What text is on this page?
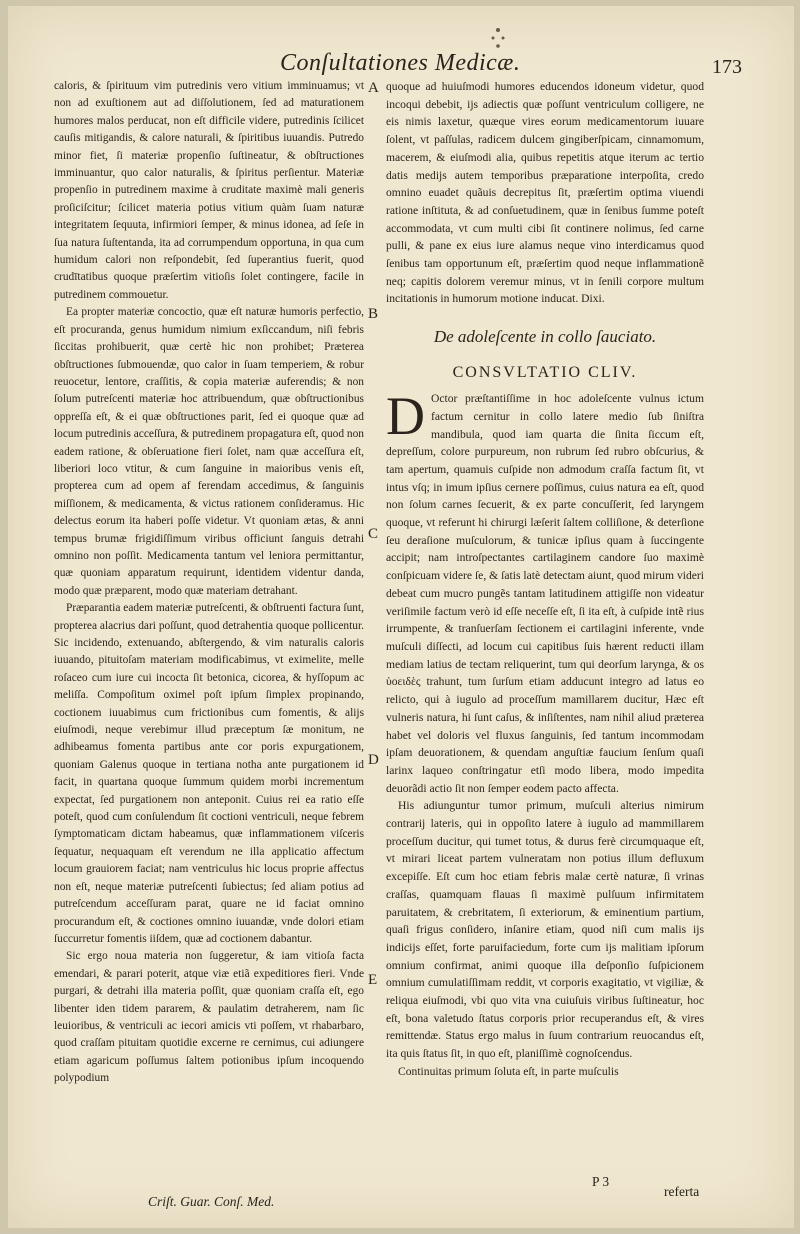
Conſultationes Medicæ.	173

caloris, & ſpirituum vim putredinis vero vitium imminuamus; vt non ad exuſtionem aut ad diſſolutionem, ſed ad maturationem humores malos perducat, non eſt difficile videre, putredinis ſcilicet cauſis mitigandis, & calore naturali, & ſpiritibus iuuandis. Putredo minor fiet, ſi materiæ propenſio ſuſtineatur, & obſtructiones imminuantur, quo calor naturalis, & ſpiritus perſientur. Materiæ propenſio in putredinem maxime à cruditate maximè mali generis proſiciſcitur; ſcilicet materia potius vitium quàm ſuam naturæ integritatem ſequuta, infirmiori ſemper, & minus idonea, ad ſeſe in ſua natura ſuſtentanda, ita ad corrumpendum opportuna, in qua cum humidum calori non reſpondebit, ſed ſuperantius fuerit, quod crudītatibus quoque præſertim vitioſis ſolet contingere, facile in putredinem commouetur.

Ea propter materiæ concoctio, quæ eſt naturæ humoris perfectio, eſt procuranda, genus humidum nimium exſiccandum, niſi febris ſiccitas prohibuerit, quæ certè hic non prohibet; Præterea obſtructiones ſubmouendæ, quo calor in ſuam temperiem, & robur reuocetur, lentore, craſſitis, & copia materiæ auferendis; & non ſolum putreſcenti materiæ hoc attribuendum, quæ obſtructionibus oppreſſa eſt, & ei quæ obſtructiones parit, ſed ei quoque quæ ad locum putredinis acceſſura, & putredinem propagatura eſt, quod non eadem ratione, & obſeruatione fieri ſolet, nam quæ acceſſura eſt, liberiori loco vtitur, & cum ſanguine in maioribus venis eſt, propterea cum ad opem af ferendam accedimus, & ſanguinis miſſionem, & medicamenta, & victus rationem conſideramus. Hic delectus eorum ita haberi poſſe videtur. Vt quoniam ætas, & anni tempus brumæ frigidiſſimum viribus officiunt ſanguis detrahi omnino non poſſit. Medicamenta tantum vel leniora permittantur, quæ quoniam apparatum requirunt, identidem videntur danda, modo quæ præparent, modo quæ materiam detrahant.

Præparantia eadem materiæ putreſcenti, & obſtruenti factura ſunt, propterea alacrius dari poſſunt, quod detrahentia quoque pollicentur. Sic incidendo, extenuando, abſtergendo, & vim naturalis caloris iuuando, pituitoſam materiam modificabimus, vt eximelite, melle roſaceo cum iure cui incocta ſit betonica, cicorea, & hyſſopum ac meliſſa. Compoſitum oximel poſt ipſum ſimplex propinando, coctionem iuuabimus cum frictionibus cum fomentis, & alijs eiuſmodi, neque verebimur illud præceptum ſæ monitum, ne adhibeamus fomenta partibus ante cor poris expurgationem, quoniam Galenus quoque in tertiana notha ante purgationem id facit, in quartana quoque ſummum quidem morbi incrementum expectat, ſed purgationem non anteponit. Cuius rei ea ratio eſſe poteſt, quod cum conſulendum ſit coctioni ventriculi, neque febrem ſymptomaticam dictam habeamus, quæ inflammationem viſceris ſequatur, nequaquam eſt verendum ne illa applicatio affectum locum grauiorem faciat; nam ventriculus hic locus proprie affectus non eſt, neque materiæ putreſcenti ſubiectus; ſed aliam potius ad putreſcendum acceſſuram parat, quare ne id faciat omnino procurandum eſt, & coctiones omnino iuuandæ, vnde dolori etiam ſuccurretur fomentis iiſdem, quæ ad coctionem dabantur.

Sic ergo noua materia non ſuggeretur, & iam vitioſa facta emendari, & parari poterit, atque viæ etiã expeditiores fieri. Vnde purgari, & detrahi illa materia poſſit, quæ quoniam craſſa eſt, ego libenter iden tidem pararem, & paulatim detraherem, nam ſic leuioribus, & ventriculi ac iecori amicis vti poſſem, vt rhabarbaro, quod craſſam pituitam quotidie excerne re cernimus, cui adiungere etiam agaricum poſſumus ſaltem potionibus ipſum incoquendo polypodium

A
B
C
D
E

quoque ad huiuſmodi humores educendos idoneum videtur, quod incoqui debebit, ijs adiectis quæ poſſunt ventriculum colligere, ne eis nimis laxetur, quæque vires eorum medicamentorum iuuare ſolent, vt paſſulas, radicem dulcem gingiberſpicam, cinnamomum, macerem, & eiuſmodi alia, quibus repetitis atque iterum ac tertio datis medijs autem temporibus præparatione interpoſita, credo omnino euadet quãuis decrepitus ſit, præſertim optima viuendi ratione inſtituta, & ad conſuetudinem, quæ in ſenibus ſumme poteſt accommodata, vt cum multi cibi ſit continere nolimus, ſed carne pulli, & pane ex eius iure alamus neque vino interdicamus quod ſenibus tam opportunum eſt, præſertim quod neque inflammationẽ neq; capitis dolorem veremur minus, vt in ſenili corpore multum incitationis in humorum motione inducat. Dixi.

De adoleſcente in collo ſauciato.
CONSVLTATIO CLIV.

D Octor præſtantiſſime in hoc adoleſcente vulnus ictum factum cernitur in collo latere medio ſub ſiniſtra mandibula, quod iam quarta die ſinita ſiccum eſt, depreſſum, colore purpureum, non rubrum ſed rubro obſcurius, & tam apertum, quamuis cuſpide non admodum craſſa factum ſit, vt intus vſq; in imum ipſius cernere poſſimus, cuius natura ea eſt, quod non ſolum carnes ſecuerit, & ex parte concuſſerit, ſed laryngem quoque, vt referunt hi chirurgi læſerit ſaltem colliſione, & deterſione ſeu deraſione muſculorum, & tunicæ ipſius quam à ſuccingente accipit; nam introſpectantes cartilaginem candore ſuo maximè conſpicuam videre ſe, & ſatis latè detectam aiunt, quod mirum videri debeat cum mucro pungẽs tantam latitudinem attigiſſe non videatur veriſimile factum verò id eſſe neceſſe eſt, ſi ita eſt, à cuſpide intẽ rius irrumpente, & tranſuerſam ſectionem ei cartilagini inferente, vnde muſculi diſſecti, ad locum cui capitibus ſuis hærent reducti illam mediam latius de tectam reliquerint, tum qui deorſum larynga, & os ὑοειδὲς trahunt, tum ſurſum etiam adducunt integro ad latus eo relicto, qui à iugulo ad proceſſum mamillarem ducitur, Hæc eſt vulneris natura, hi ſunt caſus, & inſiſtentes, nam nihil aliud præterea habet vel doloris vel fluxus ſanguinis, ſed tantum incommodam ipſam deuorationem, & quendam anguſtiæ faucium ſenſum quaſi larinx laqueo conſtringatur etſi modo libera, modo impedita deuorãdi actio ſit non ſemper eodem pacto affecta.

His adiunguntur tumor primum, muſculi alterius nimirum contrarij lateris, qui in oppoſito latere à iugulo ad mammillarem proceſſum ducitur, qui tumet totus, & durus ferè circumquaque eſt, vt mirari liceat partem vulneratam non potius illum defluxum excepiſſe. Eſt cum hoc etiam febris malæ certè naturæ, ſi vrinas craſſas, quamquam flauas ſi maximè pulſuum infirmitatem paruitatem, & crebritatem, ſi exteriorum, & eminentium partium, quaſi frigus conſidero, inſanire etiam, quod niſi cum malis ijs indicijs eſſet, forte paruifaciedum, forte cum ijs malitiam ipſorum omnium confirmat, animi quoque illa deſponſio ſuſpicionem omnium cumulatiſſimam reddit, vt corporis exagitatio, vt vigiliæ, & reliqua eiuſmodi, vbi quo vita vna cuiuſuis viribus ſuſtineatur, hoc eſt, bona valetudo ſtatus corporis prior recuperandus eſt, & vires remittendæ. Status ergo malus in ſuum contrarium reuocandus eſt, ita quis ſtatus ſit, in quo eſt, planiſſimè cognoſcendus.

Continuitas primum ſoluta eſt, in parte muſculis

Criſt. Guar. Conſ. Med.
P 3
referta
